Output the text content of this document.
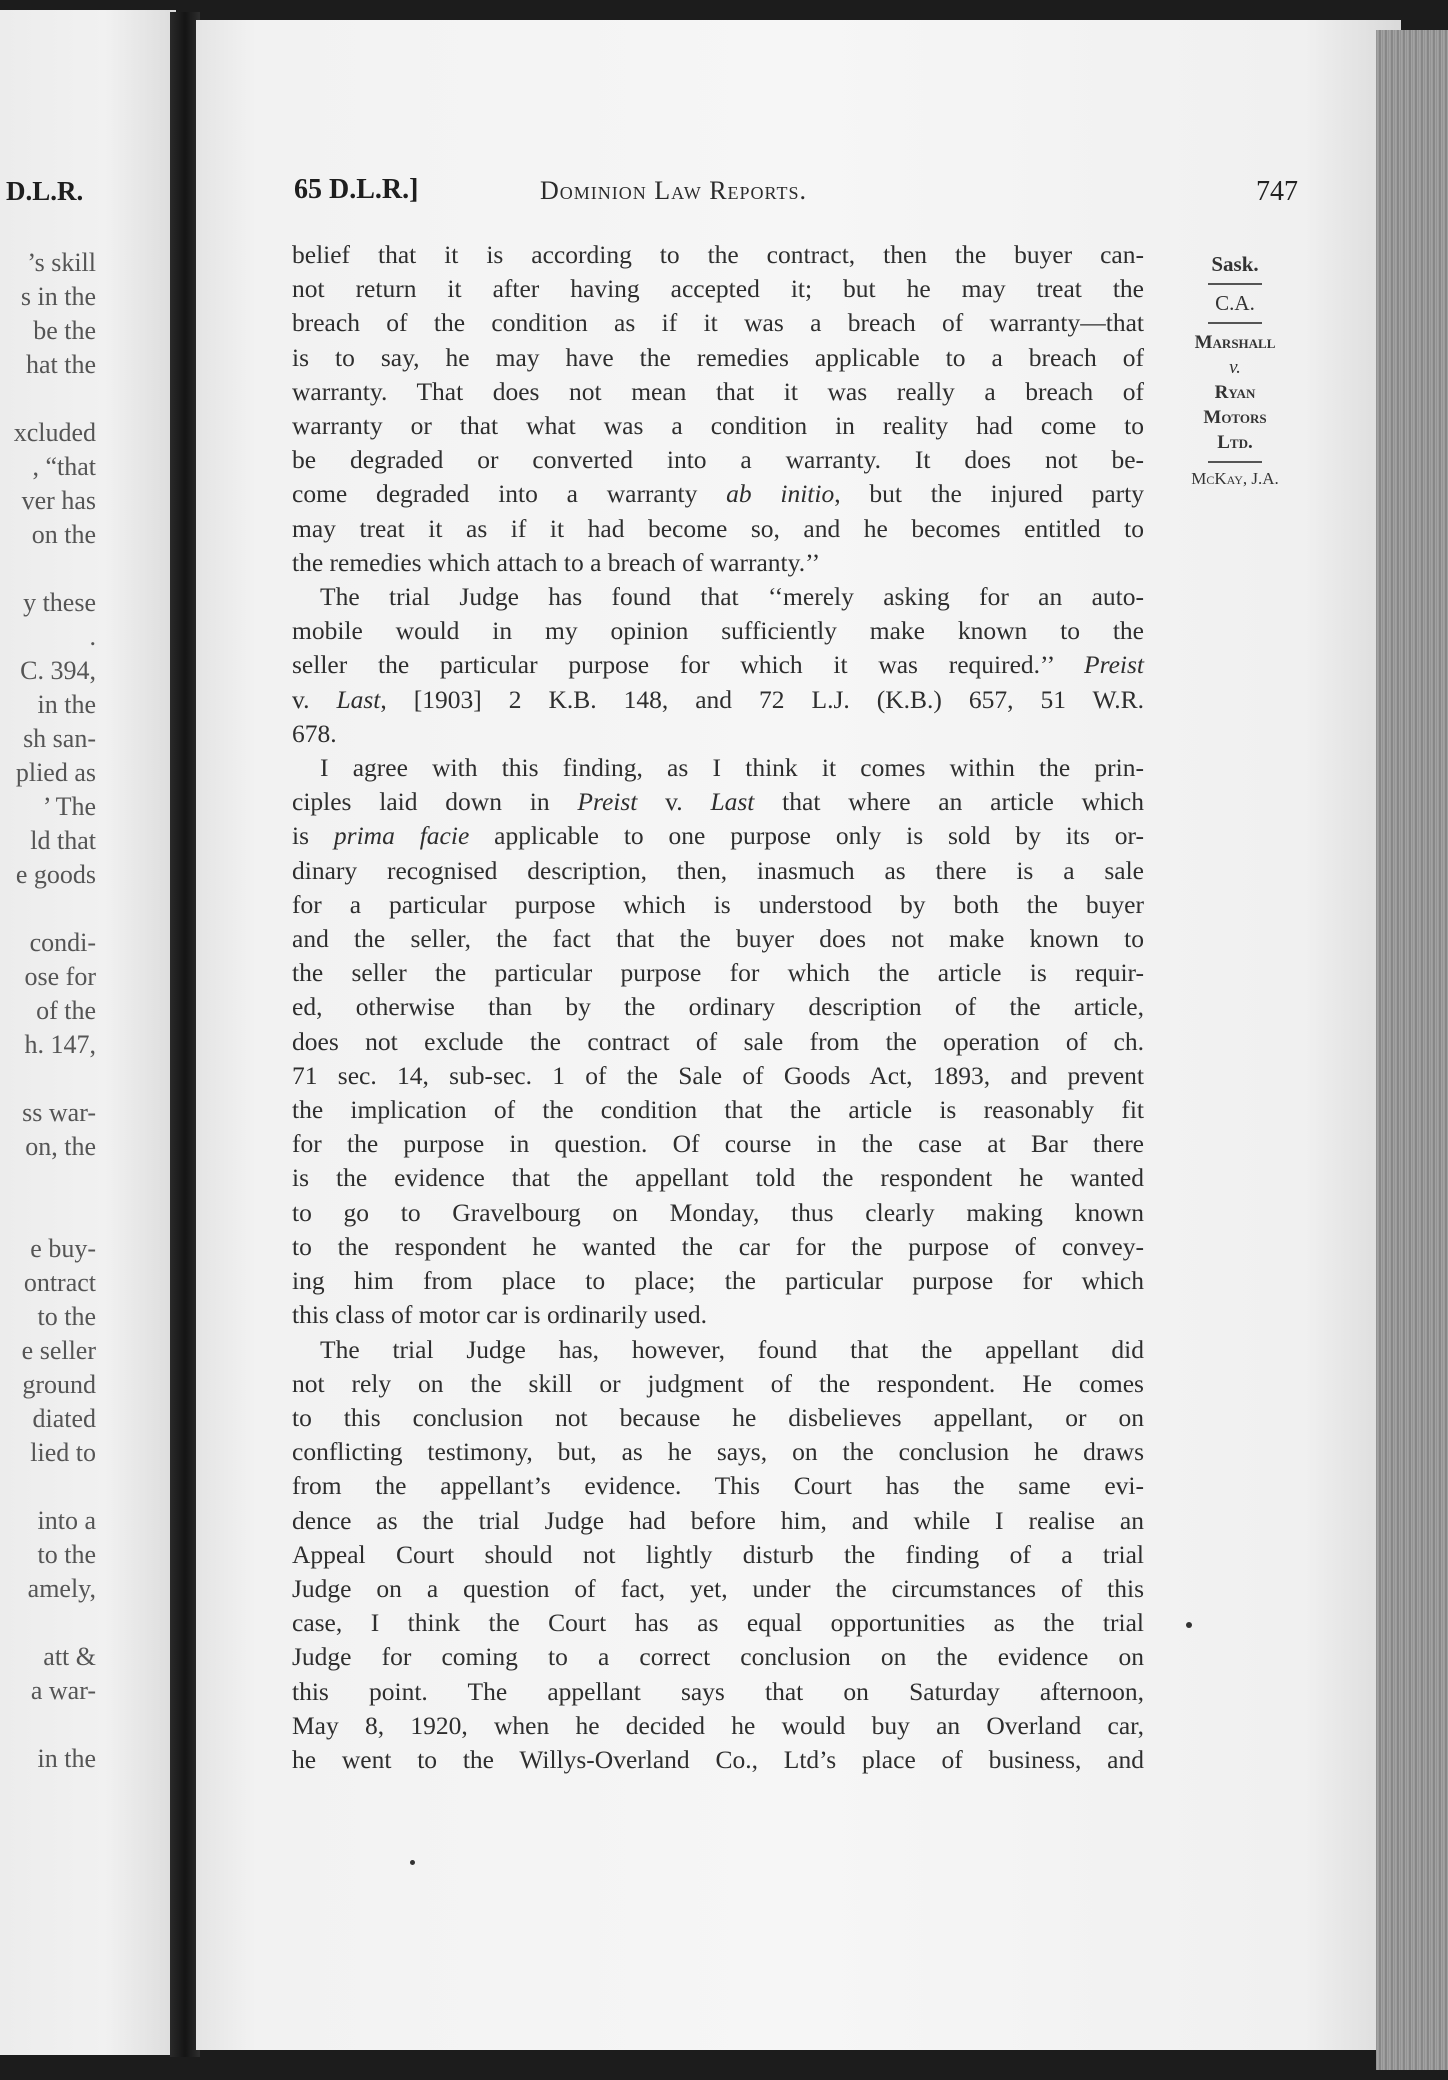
D.L.R.
’s skill
s in the
be the
hat the
xcluded
, “that
ver has
on the
y these
.
C. 394,
in the
sh san-
plied as
’ The
ld that
e goods
condi-
ose for
of the
h. 147,
ss war-
on, the
e buy-
ontract
to the
e seller
ground
diated
lied to
into a
to the
amely,
att &
a war-
in the
65 D.L.R.]	Dominion Law Reports.	747
Sask.
C.A.
Marshall
v.
Ryan
Motors
Ltd.
McKay, J.A.
belief that it is according to the contract, then the buyer can-
not return it after having accepted it; but he may treat the
breach of the condition as if it was a breach of warranty—that
is to say, he may have the remedies applicable to a breach of
warranty. That does not mean that it was really a breach of
warranty or that what was a condition in reality had come to
be degraded or converted into a warranty. It does not be-
come degraded into a warranty ab initio, but the injured party
may treat it as if it had become so, and he becomes entitled to
the remedies which attach to a breach of warranty.’’
The trial Judge has found that ‘‘merely asking for an auto-
mobile would in my opinion sufficiently make known to the
seller the particular purpose for which it was required.’’ Preist
v. Last, [1903] 2 K.B. 148, and 72 L.J. (K.B.) 657, 51 W.R.
678.
I agree with this finding, as I think it comes within the prin-
ciples laid down in Preist v. Last that where an article which
is prima facie applicable to one purpose only is sold by its or-
dinary recognised description, then, inasmuch as there is a sale
for a particular purpose which is understood by both the buyer
and the seller, the fact that the buyer does not make known to
the seller the particular purpose for which the article is requir-
ed, otherwise than by the ordinary description of the article,
does not exclude the contract of sale from the operation of ch.
71 sec. 14, sub-sec. 1 of the Sale of Goods Act, 1893, and prevent
the implication of the condition that the article is reasonably fit
for the purpose in question. Of course in the case at Bar there
is the evidence that the appellant told the respondent he wanted
to go to Gravelbourg on Monday, thus clearly making known
to the respondent he wanted the car for the purpose of convey-
ing him from place to place; the particular purpose for which
this class of motor car is ordinarily used.
The trial Judge has, however, found that the appellant did
not rely on the skill or judgment of the respondent. He comes
to this conclusion not because he disbelieves appellant, or on
conflicting testimony, but, as he says, on the conclusion he draws
from the appellant’s evidence. This Court has the same evi-
dence as the trial Judge had before him, and while I realise an
Appeal Court should not lightly disturb the finding of a trial
Judge on a question of fact, yet, under the circumstances of this
case, I think the Court has as equal opportunities as the trial
Judge for coming to a correct conclusion on the evidence on
this point. The appellant says that on Saturday afternoon,
May 8, 1920, when he decided he would buy an Overland car,
he went to the Willys-Overland Co., Ltd’s place of business, and
